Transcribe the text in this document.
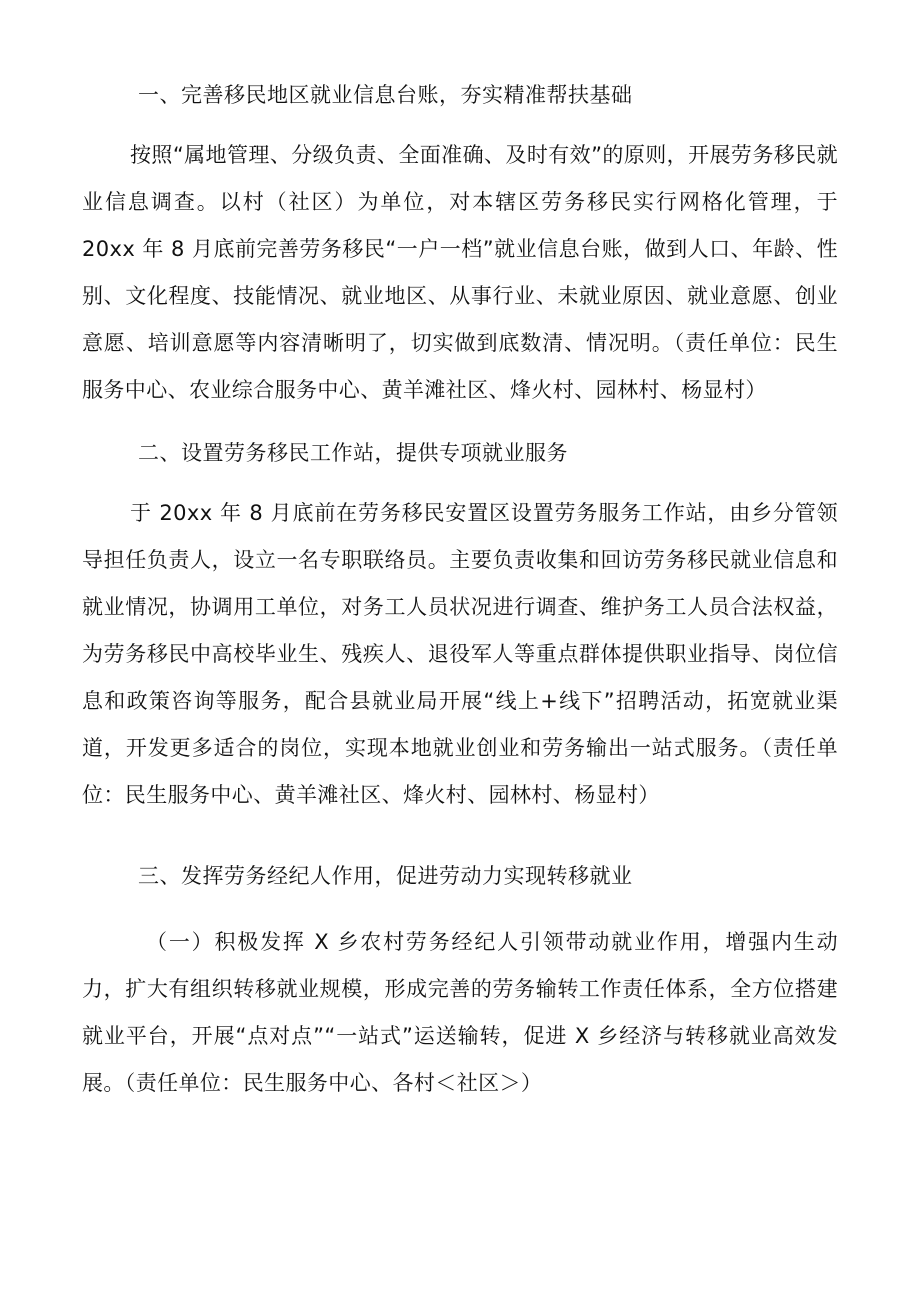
一、完善移民地区就业信息台账，夯实精准帮扶基础

按照“属地管理、分级负责、全面准确、及时有效”的原则，开展劳务移民就业信息调查。以村（社区）为单位，对本辖区劳务移民实行网格化管理，于 20xx 年 8 月底前完善劳务移民“一户一档”就业信息台账，做到人口、年龄、性别、文化程度、技能情况、就业地区、从事行业、未就业原因、就业意愿、创业意愿、培训意愿等内容清晰明了，切实做到底数清、情况明。（责任单位：民生服务中心、农业综合服务中心、黄羊滩社区、烽火村、园林村、杨显村）

二、设置劳务移民工作站，提供专项就业服务

于 20xx 年 8 月底前在劳务移民安置区设置劳务服务工作站，由乡分管领导担任负责人，设立一名专职联络员。主要负责收集和回访劳务移民就业信息和就业情况，协调用工单位，对务工人员状况进行调查、维护务工人员合法权益，为劳务移民中高校毕业生、残疾人、退役军人等重点群体提供职业指导、岗位信息和政策咨询等服务，配合县就业局开展“线上+线下”招聘活动，拓宽就业渠道，开发更多适合的岗位，实现本地就业创业和劳务输出一站式服务。（责任单位：民生服务中心、黄羊滩社区、烽火村、园林村、杨显村）

三、发挥劳务经纪人作用，促进劳动力实现转移就业

（一）积极发挥 X 乡农村劳务经纪人引领带动就业作用，增强内生动力，扩大有组织转移就业规模，形成完善的劳务输转工作责任体系，全方位搭建就业平台，开展“点对点”“一站式”运送输转，促进 X 乡经济与转移就业高效发展。（责任单位：民生服务中心、各村＜社区＞）
